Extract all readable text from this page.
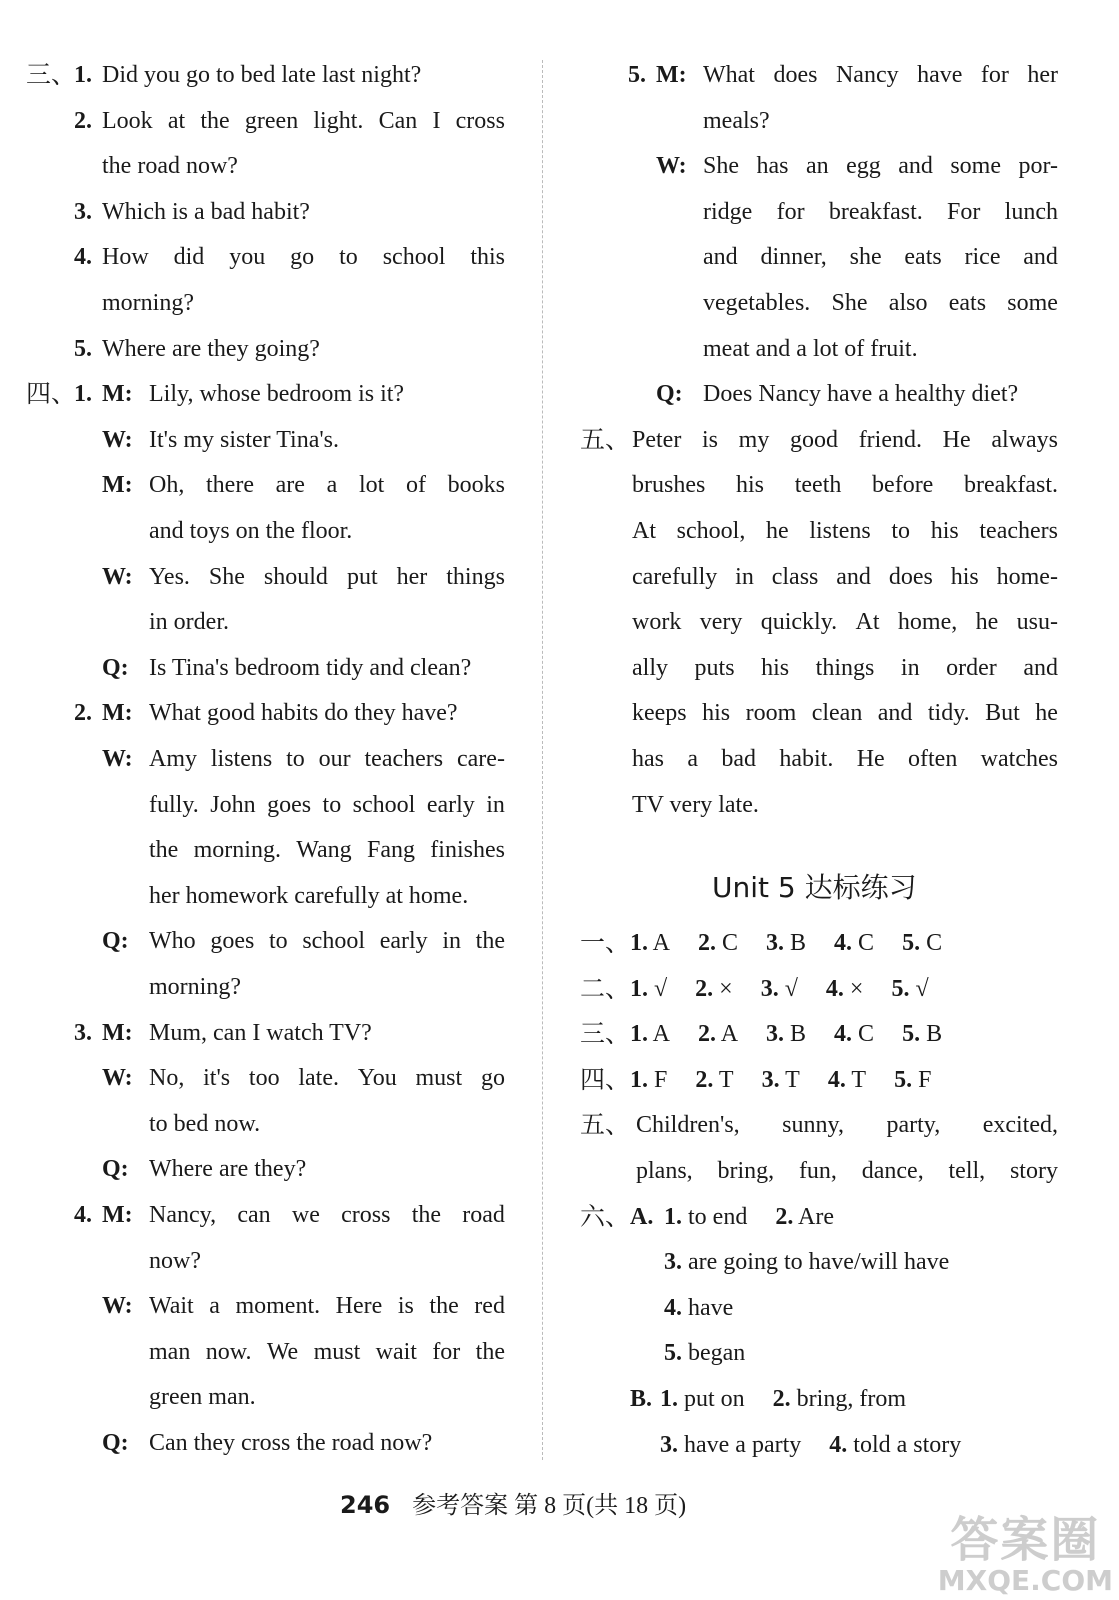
三、
1. Did you go to bed late last night?
2. Look at the green light. Can I cross
the road now?
3. Which is a bad habit?
4. How did you go to school this
morning?
5. Where are they going?
四、
1. M: Lily, whose bedroom is it?
W: It's my sister Tina's.
M: Oh, there are a lot of books
and toys on the floor.
W: Yes. She should put her things
in order.
Q: Is Tina's bedroom tidy and clean?
2. M: What good habits do they have?
W: Amy listens to our teachers care-
fully. John goes to school early in
the morning. Wang Fang finishes
her homework carefully at home.
Q: Who goes to school early in the
morning?
3. M: Mum, can I watch TV?
W: No, it's too late. You must go
to bed now.
Q: Where are they?
4. M: Nancy, can we cross the road
now?
W: Wait a moment. Here is the red
man now. We must wait for the
green man.
Q: Can they cross the road now?
5. M: What does Nancy have for her
meals?
W: She has an egg and some por-
ridge for breakfast. For lunch
and dinner, she eats rice and
vegetables. She also eats some
meat and a lot of fruit.
Q: Does Nancy have a healthy diet?
五、 Peter is my good friend. He always
brushes his teeth before breakfast.
At school, he listens to his teachers
carefully in class and does his home-
work very quickly. At home, he usu-
ally puts his things in order and
keeps his room clean and tidy. But he
has a bad habit. He often watches
TV very late.
一、 1. A 2. C 3. B 4. C 5. C
二、 1. √ 2. × 3. √ 4. × 5. √
三、 1. A 2. A 3. B 4. C 5. B
四、 1. F 2. T 3. T 4. T 5. F
五、 Children's, sunny, party, excited,
plans, bring, fun, dance, tell, story
六、 A. 1. to end 2. Are
3. are going to have/will have
4. have
5. began
B. 1. put on 2. bring, from
3. have a party 4. told a story
Unit 5 达标练习
246 参考答案 第 8 页(共 18 页)
答案圈
MXQE.COM
